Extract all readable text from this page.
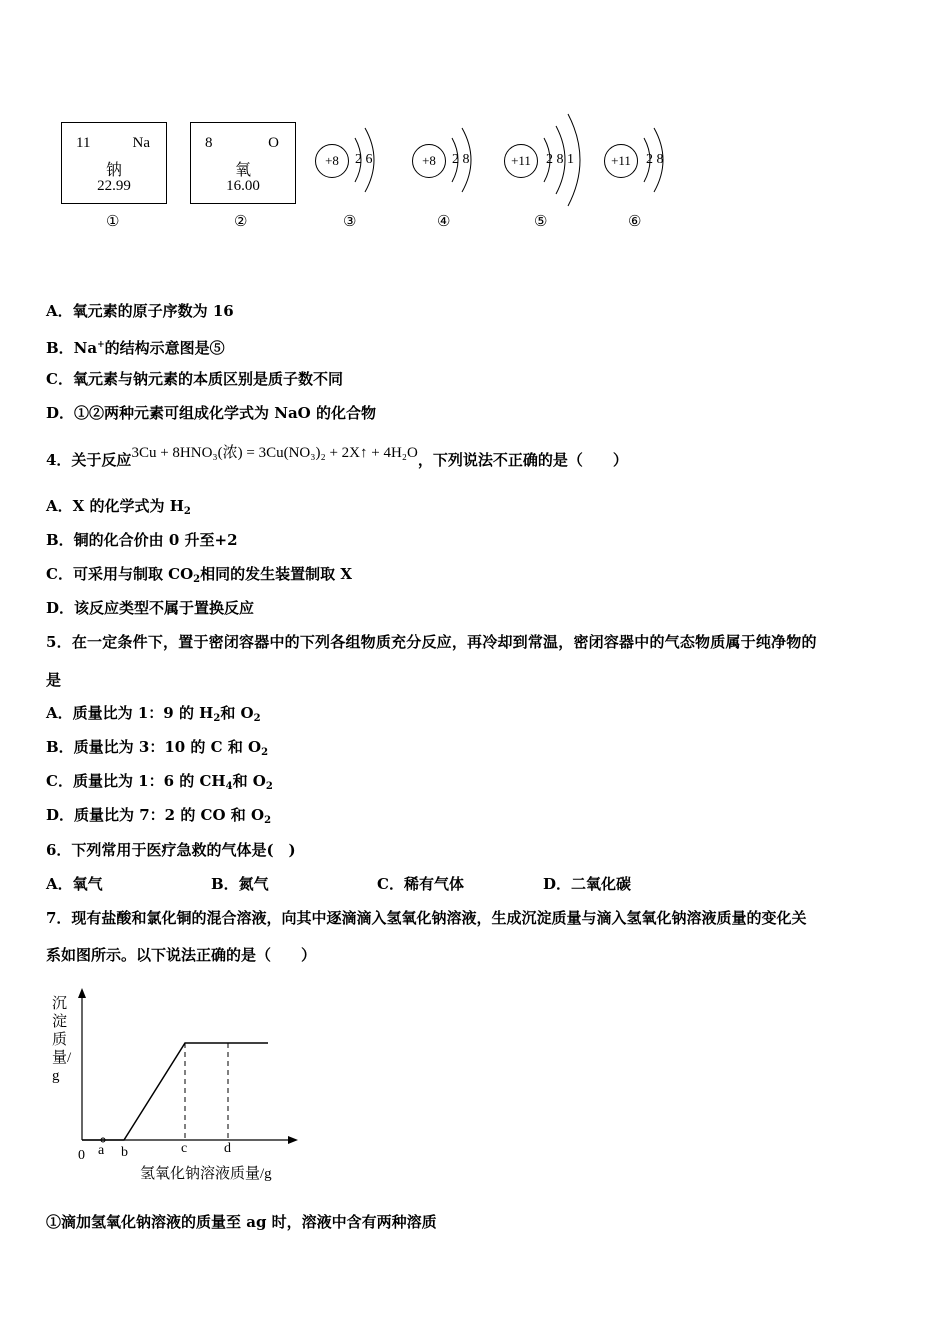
11	Na
钠
22.99
8	O
氧
16.00
+8	2 6	+8	2 8	+11	2 8 1	+11	2 8
①	②	③	④	⑤	⑥
A．氧元素的原子序数为 16
B．Na+的结构示意图是⑤
C．氧元素与钠元素的本质区别是质子数不同
D．①②两种元素可组成化学式为 NaO 的化合物
4．关于反应3Cu + 8HNO₃(浓) = 3Cu(NO₃)₂ + 2X↑ + 4H₂O，下列说法不正确的是（　　）
A．X 的化学式为 $H_2$
B．铜的化合价由 0 升至+2
C．可采用与制取 $CO_2$相同的发生装置制取 X
D．该反应类型不属于置换反应
5．在一定条件下，置于密闭容器中的下列各组物质充分反应，再冷却到常温，密闭容器中的气态物质属于纯净物的
是
A．质量比为 1：9 的 $H_2$和 $O_2$
B．质量比为 3：10 的 C 和 $O_2$
C．质量比为 1：6 的 $CH_4$和 $O_2$
D．质量比为 7：2 的 CO 和 $O_2$
6．下列常用于医疗急救的气体是(　)
A．氧气	B．氮气	C．稀有气体	D．二氧化碳
7．现有盐酸和氯化铜的混合溶液，向其中逐滴滴入氢氧化钠溶液，生成沉淀质量与滴入氢氧化钠溶液质量的变化关
系如图所示。以下说法正确的是（　　）
0 a b	c	d
氢氧化钠溶液质量/g
沉淀质量/g
①滴加氢氧化钠溶液的质量至 ag 时，溶液中含有两种溶质
